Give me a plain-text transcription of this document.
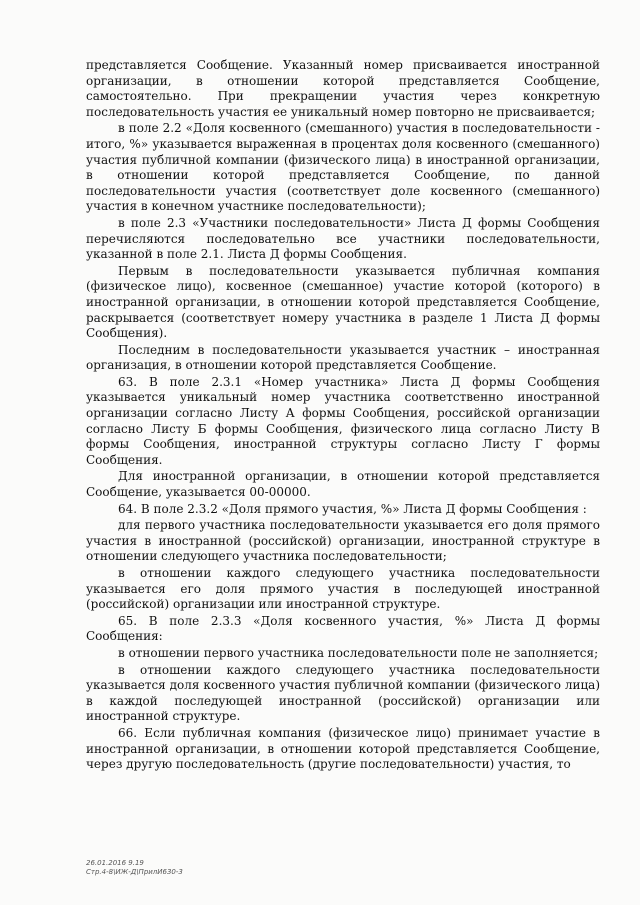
представляется Сообщение. Указанный номер присваивается иностранной организации, в отношении которой представляется Сообщение, самостоятельно. При прекращении участия через конкретную последовательность участия ее уникальный номер повторно не присваивается;

в поле 2.2 «Доля косвенного (смешанного) участия в последовательности - итого, %» указывается выраженная в процентах доля косвенного (смешанного) участия публичной компании (физического лица) в иностранной организации, в отношении которой представляется Сообщение, по данной последовательности участия (соответствует доле косвенного (смешанного) участия в конечном участнике последовательности);

в поле 2.3 «Участники последовательности» Листа Д формы Сообщения перечисляются последовательно все участники последовательности, указанной в поле 2.1. Листа Д формы Сообщения.

Первым в последовательности указывается публичная компания (физическое лицо), косвенное (смешанное) участие которой (которого) в иностранной организации, в отношении которой представляется Сообщение, раскрывается (соответствует номеру участника в разделе 1 Листа Д формы Сообщения).

Последним в последовательности указывается участник – иностранная организация, в отношении которой представляется Сообщение.

63. В поле 2.3.1 «Номер участника» Листа Д формы Сообщения указывается уникальный номер участника соответственно иностранной организации согласно Листу А формы Сообщения, российской организации согласно Листу Б формы Сообщения, физического лица согласно Листу В формы Сообщения, иностранной структуры согласно Листу Г формы Сообщения.

Для иностранной организации, в отношении которой представляется Сообщение, указывается 00-00000.

64. В поле 2.3.2 «Доля прямого участия, %» Листа Д формы Сообщения :

для первого участника последовательности указывается его доля прямого участия в иностранной (российской) организации, иностранной структуре в отношении следующего участника последовательности;

в отношении каждого следующего участника последовательности указывается его доля прямого участия в последующей иностранной (российской) организации или иностранной структуре.

65. В поле 2.3.3 «Доля косвенного участия, %» Листа Д формы Сообщения:

в отношении первого участника последовательности поле не заполняется;

в отношении каждого следующего участника последовательности указывается доля косвенного участия публичной компании (физического лица) в каждой последующей иностранной (российской) организации или иностранной структуре.

66. Если публичная компания (физическое лицо) принимает участие в иностранной организации, в отношении которой представляется Сообщение, через другую последовательность (другие последовательности) участия, то

26.01.2016 9.19
Стр.4-8\ИЖ-Д\ПрилИ630-3
